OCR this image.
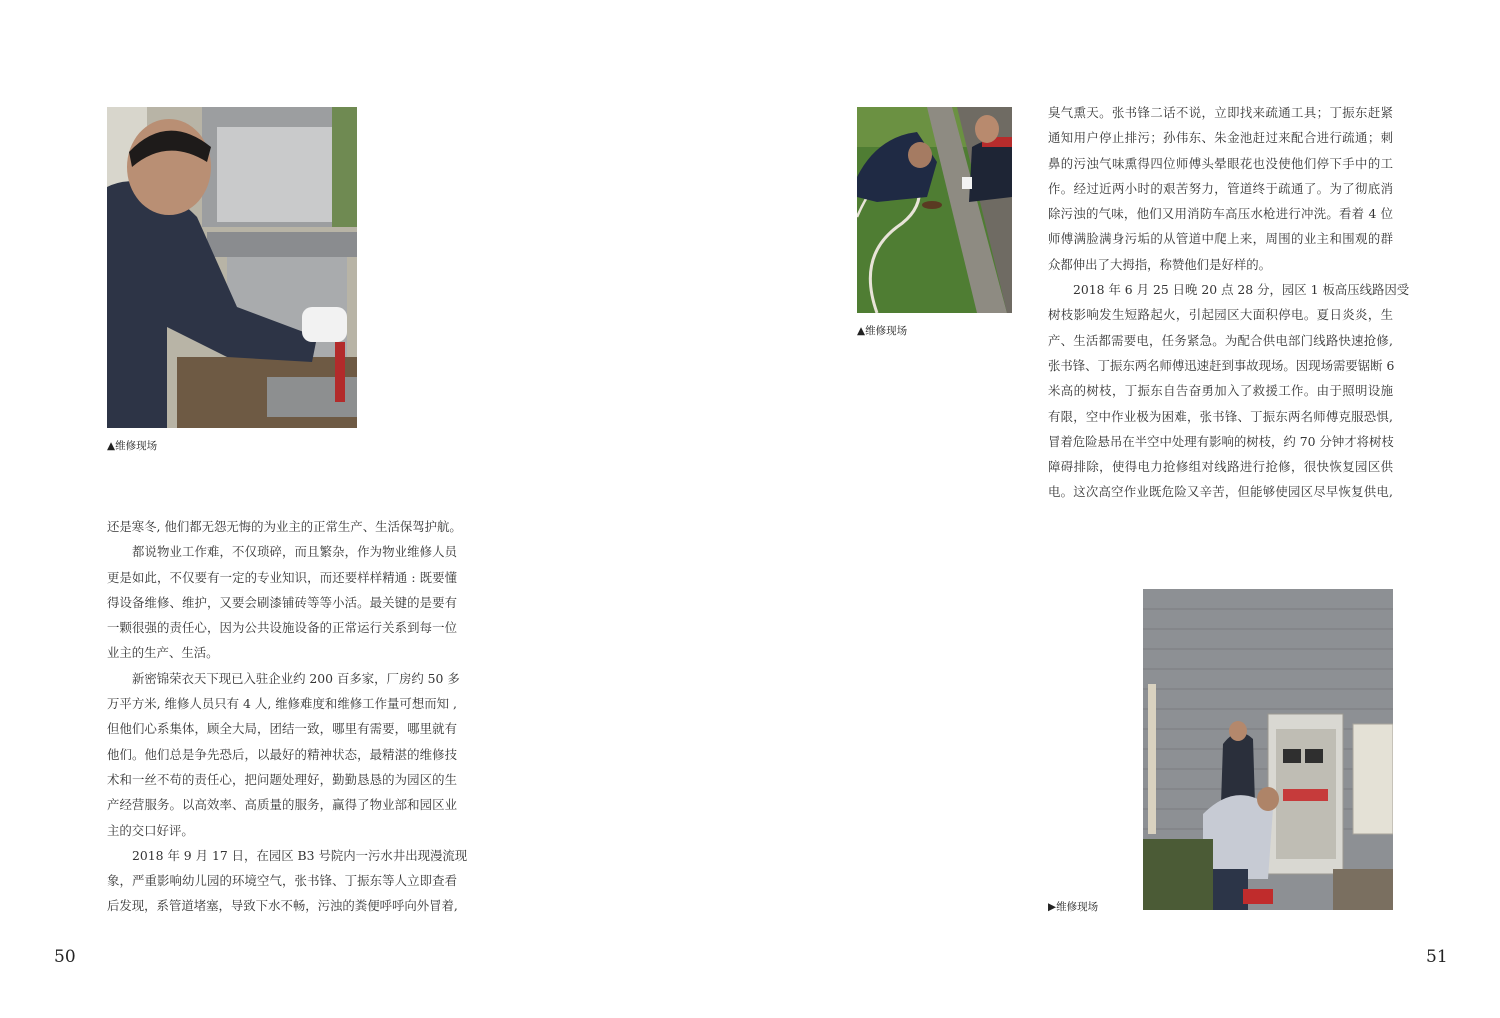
▲维修现场

还是寒冬, 他们都无怨无悔的为业主的正常生产、生活保驾护航。

都说物业工作难，不仅琐碎，而且繁杂，作为物业维修人员

更是如此，不仅要有一定的专业知识，而还要样样精通 : 既要懂

得设备维修、维护，又要会刷漆铺砖等等小活。最关键的是要有

一颗很强的责任心，因为公共设施设备的正常运行关系到每一位

业主的生产、生活。

新密锦荣衣天下现已入驻企业约 200 百多家，厂房约 50 多

万平方米, 维修人员只有 4 人, 维修难度和维修工作量可想而知 ,

但他们心系集体，顾全大局，团结一致，哪里有需要，哪里就有

他们。他们总是争先恐后，以最好的精神状态，最精湛的维修技

术和一丝不苟的责任心，把问题处理好，勤勤恳恳的为园区的生

产经营服务。以高效率、高质量的服务，赢得了物业部和园区业

主的交口好评。

2018 年 9 月 17 日，在园区 B3 号院内一污水井出现漫流现

象，严重影响幼儿园的环境空气，张书锋、丁振东等人立即查看

后发现，系管道堵塞，导致下水不畅，污浊的粪便呼呼向外冒着,

50
▲维修现场

臭气熏天。张书锋二话不说，立即找来疏通工具；丁振东赶紧

通知用户停止排污；孙伟东、朱金池赶过来配合进行疏通；刺

鼻的污浊气味熏得四位师傅头晕眼花也没使他们停下手中的工

作。经过近两小时的艰苦努力，管道终于疏通了。为了彻底消

除污浊的气味，他们又用消防车高压水枪进行冲洗。看着 4 位

师傅满脸满身污垢的从管道中爬上来，周围的业主和围观的群

众都伸出了大拇指，称赞他们是好样的。

2018 年 6 月 25 日晚 20 点 28 分，园区 1 板高压线路因受

树枝影响发生短路起火，引起园区大面积停电。夏日炎炎，生

产、生活都需要电，任务紧急。为配合供电部门线路快速抢修,

张书锋、丁振东两名师傅迅速赶到事故现场。因现场需要锯断 6

米高的树枝，丁振东自告奋勇加入了救援工作。由于照明设施

有限，空中作业极为困难，张书锋、丁振东两名师傅克服恐惧,

冒着危险悬吊在半空中处理有影响的树枝，约 70 分钟才将树枝

障碍排除，使得电力抢修组对线路进行抢修，很快恢复园区供

电。这次高空作业既危险又辛苦，但能够使园区尽早恢复供电,

▶维修现场
51
